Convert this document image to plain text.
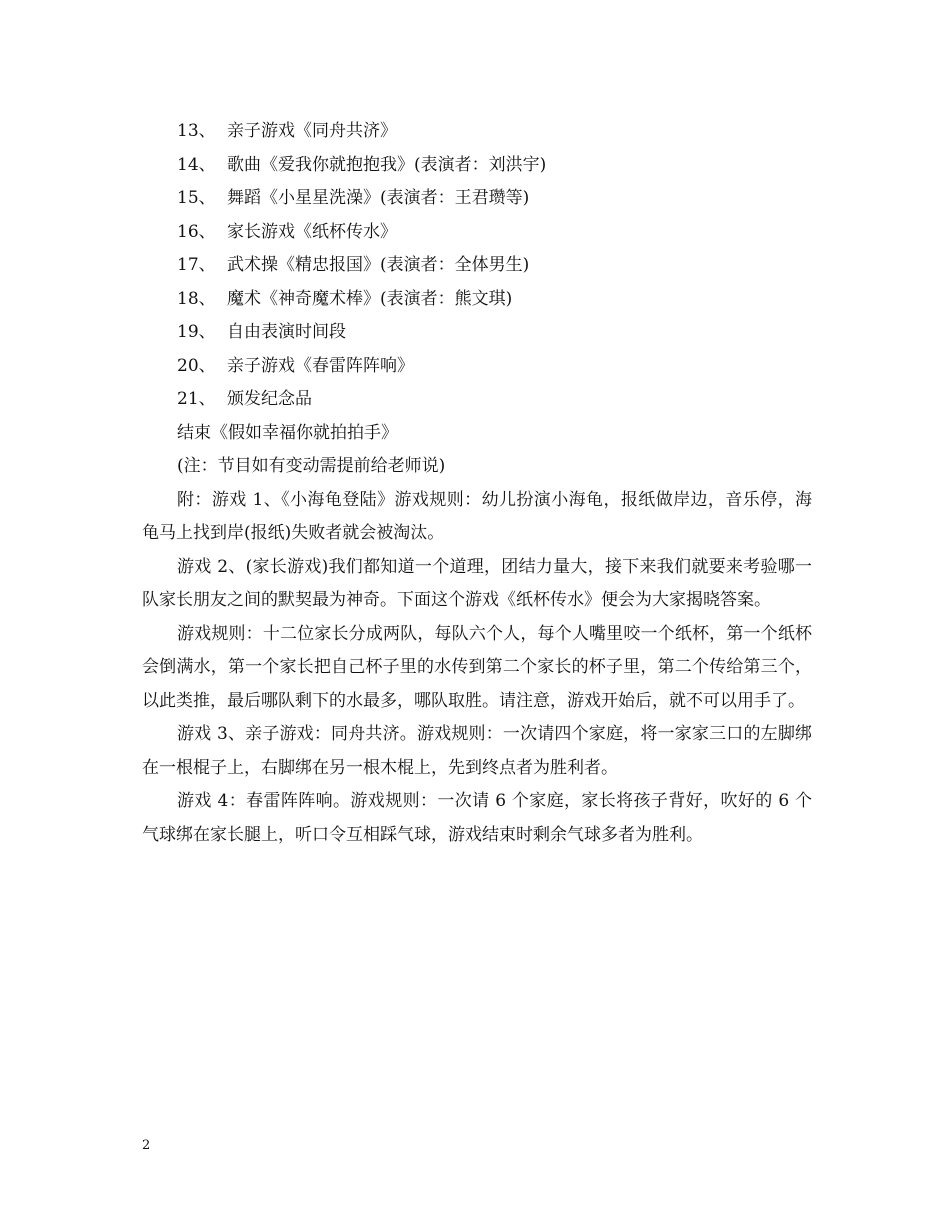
13、 亲子游戏《同舟共济》
14、 歌曲《爱我你就抱抱我》(表演者：刘洪宇)
15、 舞蹈《小星星洗澡》(表演者：王君瓒等)
16、 家长游戏《纸杯传水》
17、 武术操《精忠报国》(表演者：全体男生)
18、 魔术《神奇魔术棒》(表演者：熊文琪)
19、 自由表演时间段
20、 亲子游戏《春雷阵阵响》
21、 颁发纪念品
结束《假如幸福你就拍拍手》
(注：节目如有变动需提前给老师说)

附：游戏 1、《小海龟登陆》游戏规则：幼儿扮演小海龟，报纸做岸边，音乐停，海龟马上找到岸(报纸)失败者就会被淘汰。

游戏 2、(家长游戏)我们都知道一个道理，团结力量大，接下来我们就要来考验哪一队家长朋友之间的默契最为神奇。下面这个游戏《纸杯传水》便会为大家揭晓答案。

游戏规则：十二位家长分成两队，每队六个人，每个人嘴里咬一个纸杯，第一个纸杯会倒满水，第一个家长把自己杯子里的水传到第二个家长的杯子里，第二个传给第三个，以此类推，最后哪队剩下的水最多，哪队取胜。请注意，游戏开始后，就不可以用手了。

游戏 3、亲子游戏：同舟共济。游戏规则：一次请四个家庭，将一家家三口的左脚绑在一根棍子上，右脚绑在另一根木棍上，先到终点者为胜利者。

游戏 4：春雷阵阵响。游戏规则：一次请 6 个家庭，家长将孩子背好，吹好的 6 个气球绑在家长腿上，听口令互相踩气球，游戏结束时剩余气球多者为胜利。

2
